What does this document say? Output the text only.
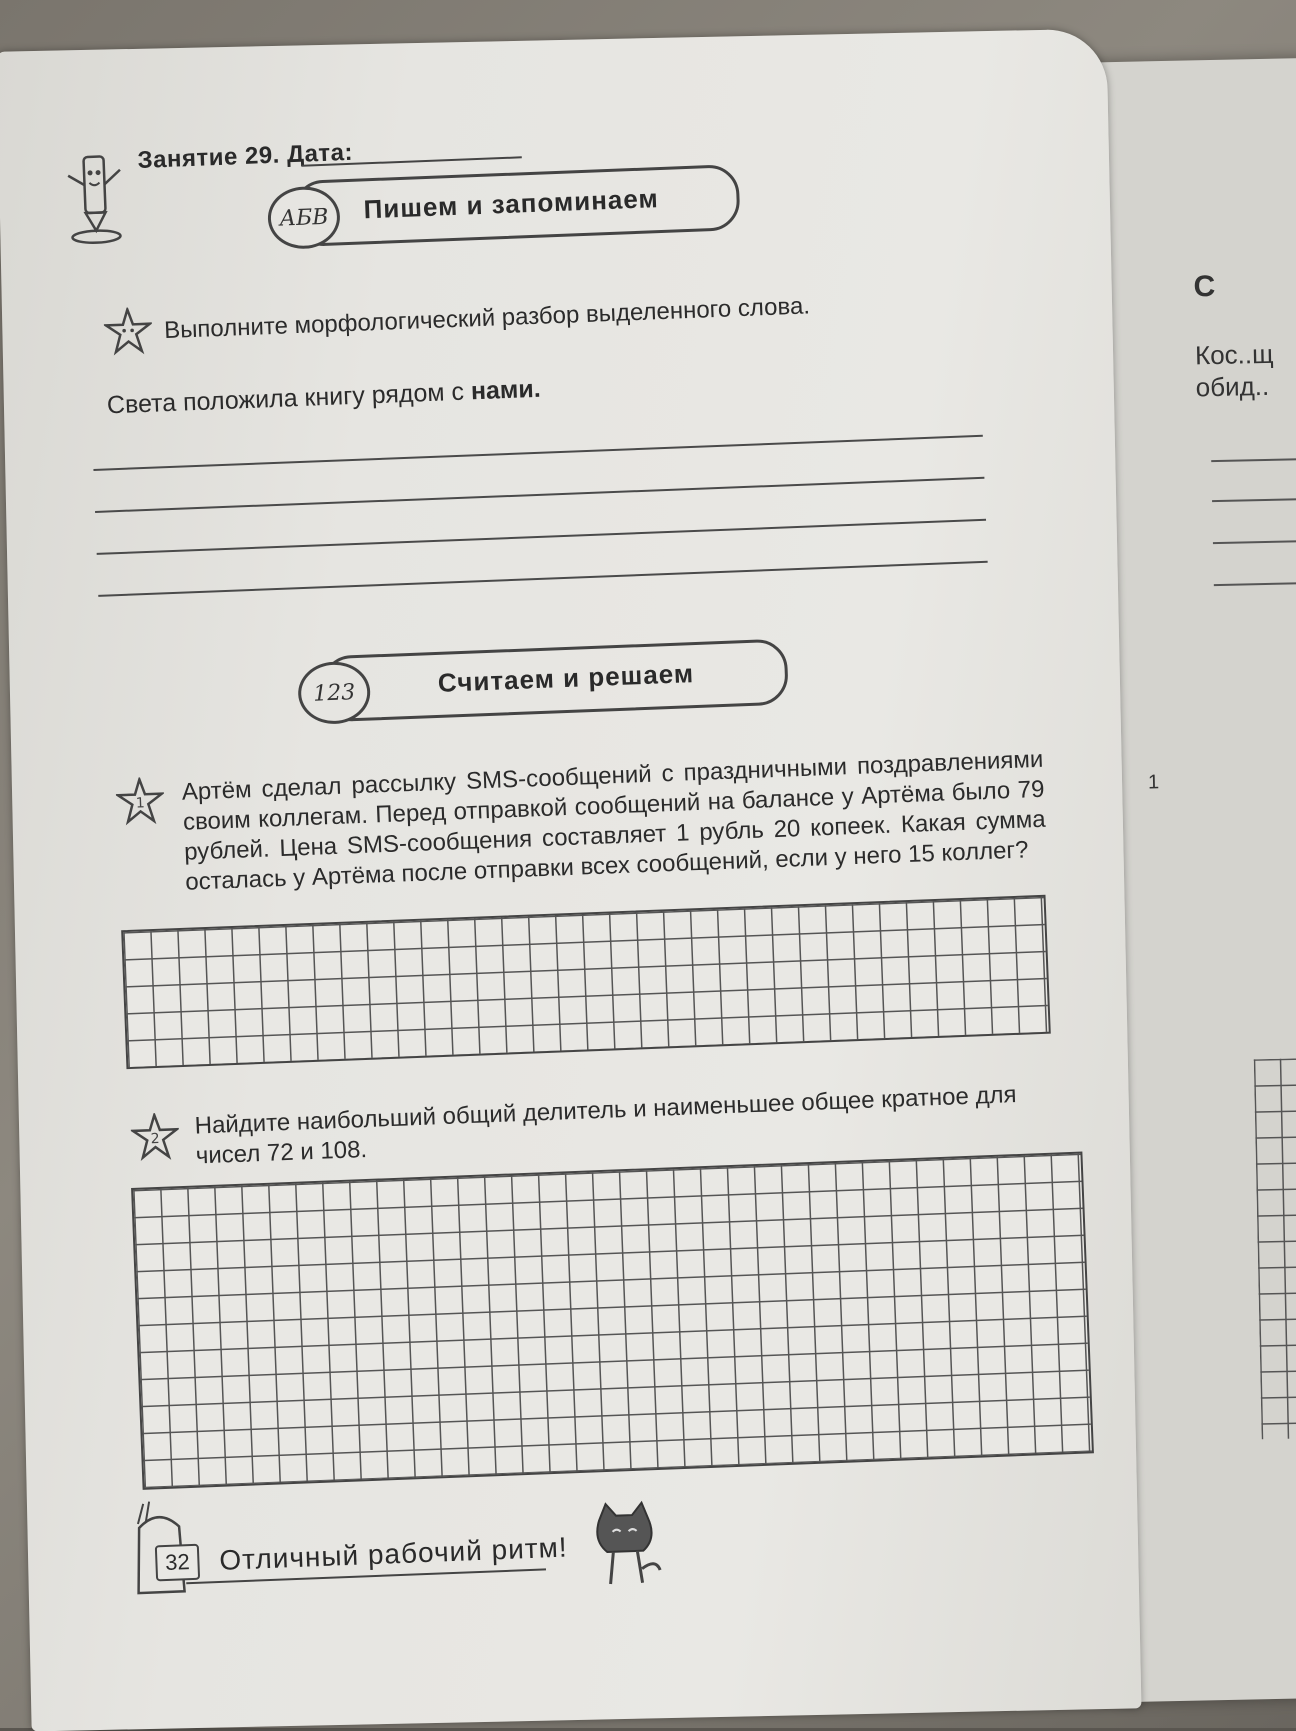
С
Кос..щ
обид..
1
Занятие 29. Дата:
АБВ	Пишем и запоминаем
Выполните морфологический разбор выделенного слова.
Света положила книгу рядом с нами.
123	Считаем и решаем
1 Артём сделал рассылку SMS-сообщений с праздничными поздравлениями своим коллегам. Перед отправкой сообщений на балансе у Артёма было 79 рублей. Цена SMS-сообщения составляет 1 рубль 20 копеек. Какая сумма осталась у Артёма после отправки всех сообщений, если у него 15 коллег?
2 Найдите наибольший общий делитель и наименьшее общее кратное для чисел 72 и 108.
32	Отличный рабочий ритм!
